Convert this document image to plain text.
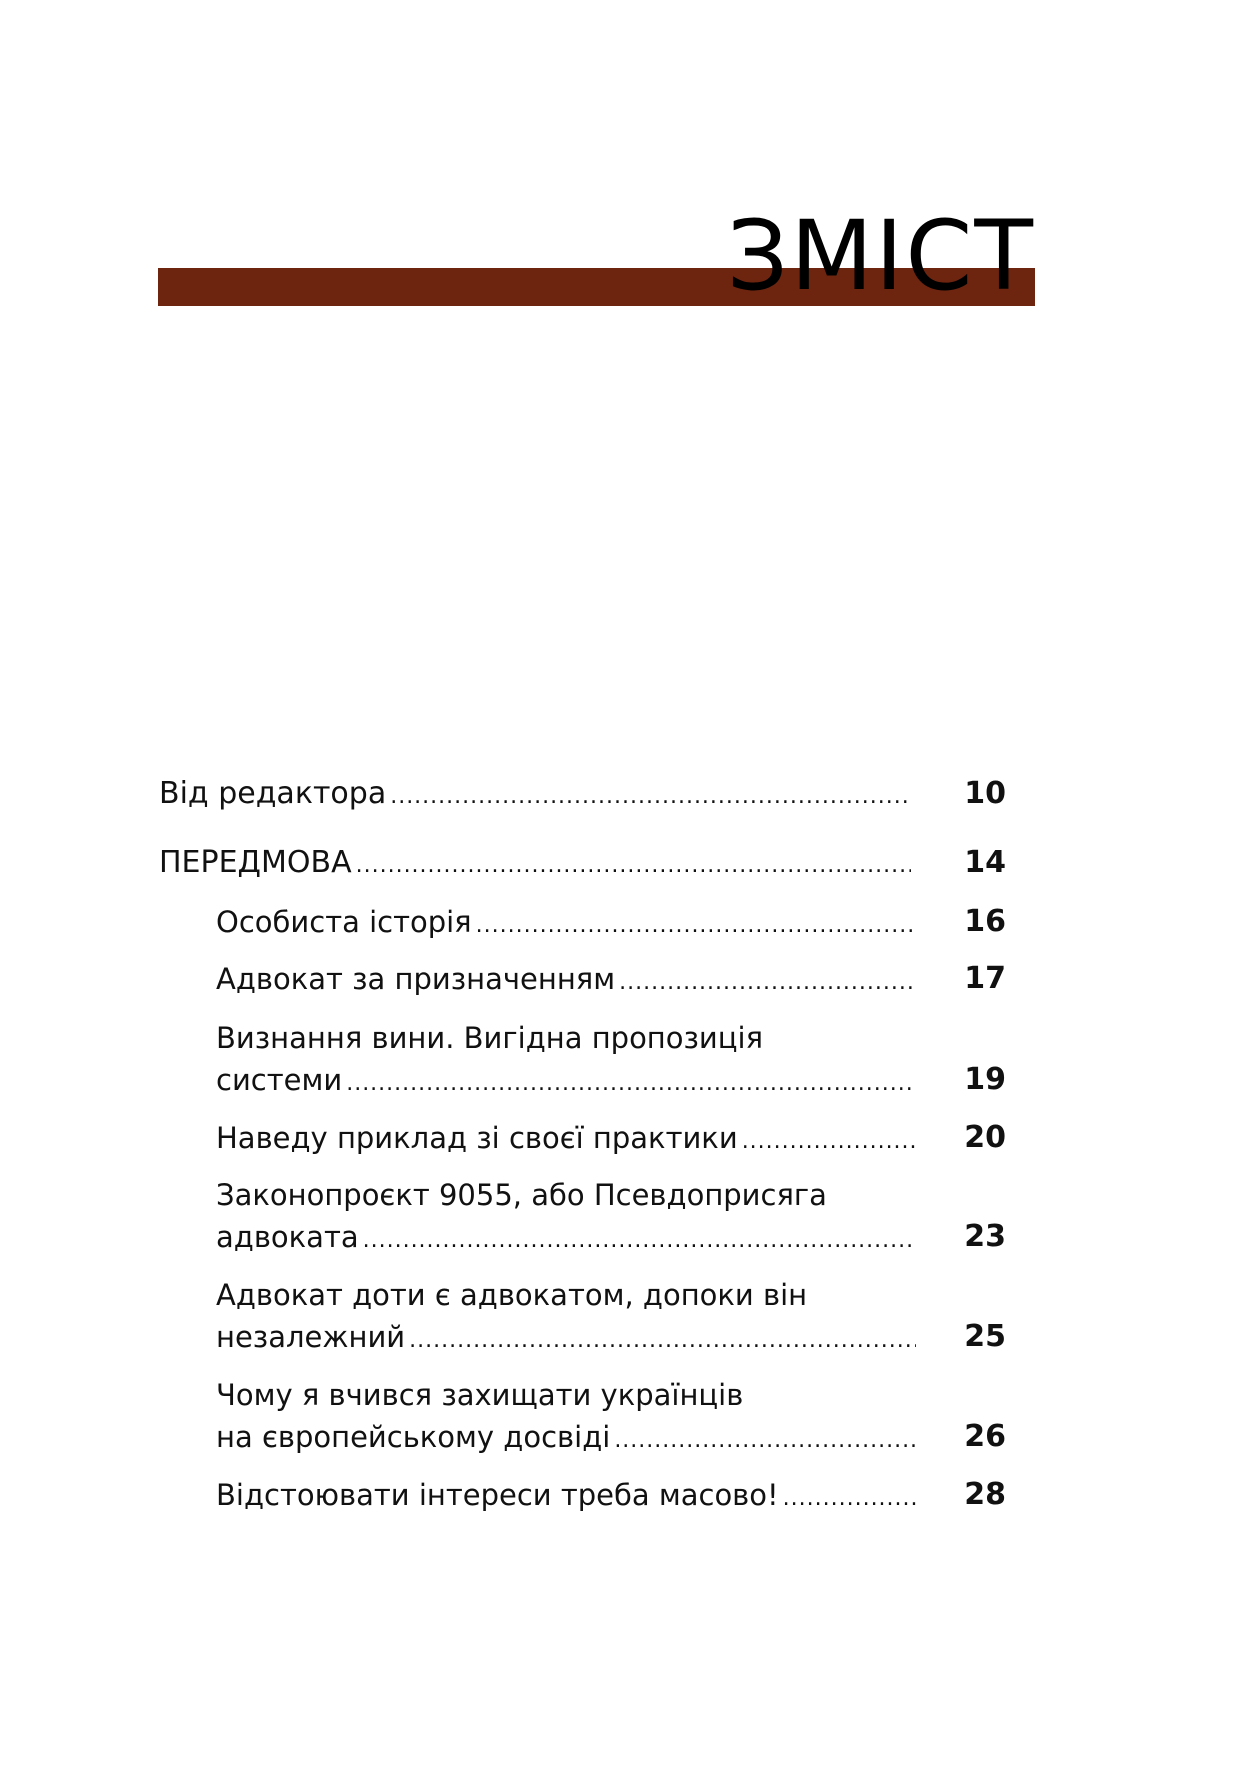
ЗМІСТ
Від редактора .....	10
ПЕРЕДМОВА .....	14
Особиста історія .....	16
Адвокат за призначенням .....	17
Визнання вини. Вигідна пропозиція
системи .....	19
Наведу приклад зі своєї практики .....	20
Законопроєкт 9055, або Псевдоприсяга
адвоката .....	23
Адвокат доти є адвокатом, допоки він
незалежний .....	25
Чому я вчився захищати українців
на європейському досвіді .....	26
Відстоювати інтереси треба масово! .....	28
